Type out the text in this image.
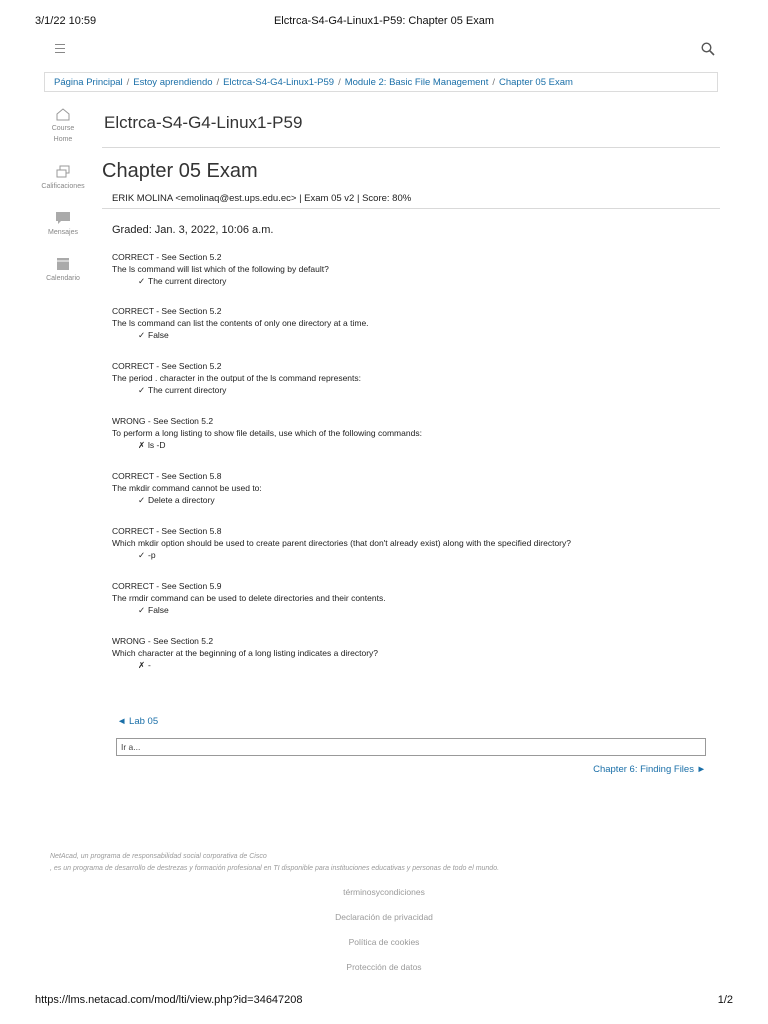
3/1/22 10:59	Elctrca-S4-G4-Linux1-P59: Chapter 05 Exam
Página Principal / Estoy aprendiendo / Elctrca-S4-G4-Linux1-P59 / Module 2: Basic File Management / Chapter 05 Exam
Course
Home
Calificaciones
Mensajes
Calendario
Elctrca-S4-G4-Linux1-P59
Chapter 05 Exam
ERIK MOLINA <emolinaq@est.ups.edu.ec> | Exam 05 v2 | Score: 80%
Graded: Jan. 3, 2022, 10:06 a.m.
CORRECT - See Section 5.2
The ls command will list which of the following by default?
✓ The current directory
CORRECT - See Section 5.2
The ls command can list the contents of only one directory at a time.
✓ False
CORRECT - See Section 5.2
The period . character in the output of the ls command represents:
✓ The current directory
WRONG - See Section 5.2
To perform a long listing to show file details, use which of the following commands:
✗ ls -D
CORRECT - See Section 5.8
The mkdir command cannot be used to:
✓ Delete a directory
CORRECT - See Section 5.8
Which mkdir option should be used to create parent directories (that don't already exist) along with the specified directory?
✓ -p
CORRECT - See Section 5.9
The rmdir command can be used to delete directories and their contents.
✓ False
WRONG - See Section 5.2
Which character at the beginning of a long listing indicates a directory?
✗ -
◄ Lab 05
Ir a...
Chapter 6: Finding Files ►
NetAcad, un programa de responsabilidad social corporativa de Cisco
, es un programa de desarrollo de destrezas y formación profesional en TI disponible para instituciones educativas y personas de todo el mundo.
términosycondiciones
Declaración de privacidad
Política de cookies
Protección de datos
https://lms.netacad.com/mod/lti/view.php?id=34647208	1/2
